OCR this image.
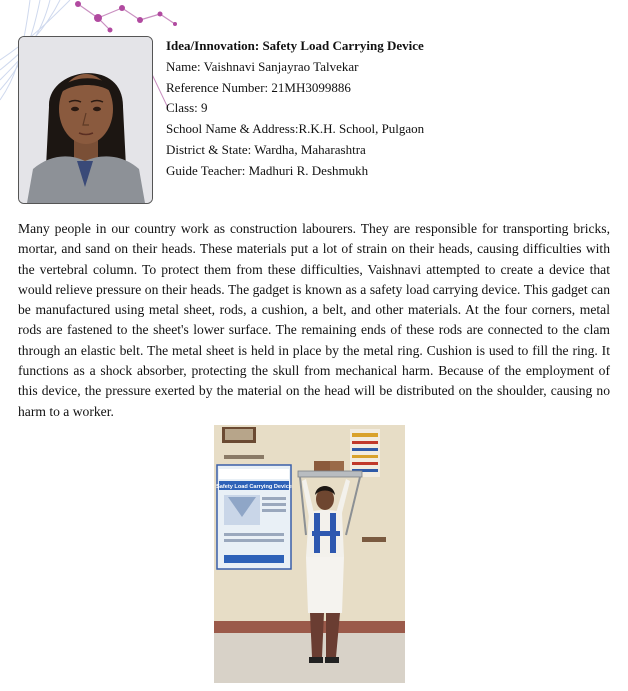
Idea/Innovation: Safety Load Carrying Device
Name: Vaishnavi Sanjayrao Talvekar
Reference Number: 21MH3099886
Class: 9
School Name & Address:R.K.H. School, Pulgaon
District & State: Wardha, Maharashtra
Guide Teacher: Madhuri R. Deshmukh

Many people in our country work as construction labourers. They are responsible for transporting bricks, mortar, and sand on their heads. These materials put a lot of strain on their heads, causing difficulties with the vertebral column. To protect them from these difficulties, Vaishnavi attempted to create a device that would relieve pressure on their heads. The gadget is known as a safety load carrying device. This gadget can be manufactured using metal sheet, rods, a cushion, a belt, and other materials. At the four corners, metal rods are fastened to the sheet's lower surface. The remaining ends of these rods are connected to the clam through an elastic belt. The metal sheet is held in place by the metal ring. Cushion is used to fill the ring. It functions as a shock absorber, protecting the skull from mechanical harm. Because of the employment of this device, the pressure exerted by the material on the head will be distributed on the shoulder, causing no harm to a worker.

Safety Load Carrying Device
